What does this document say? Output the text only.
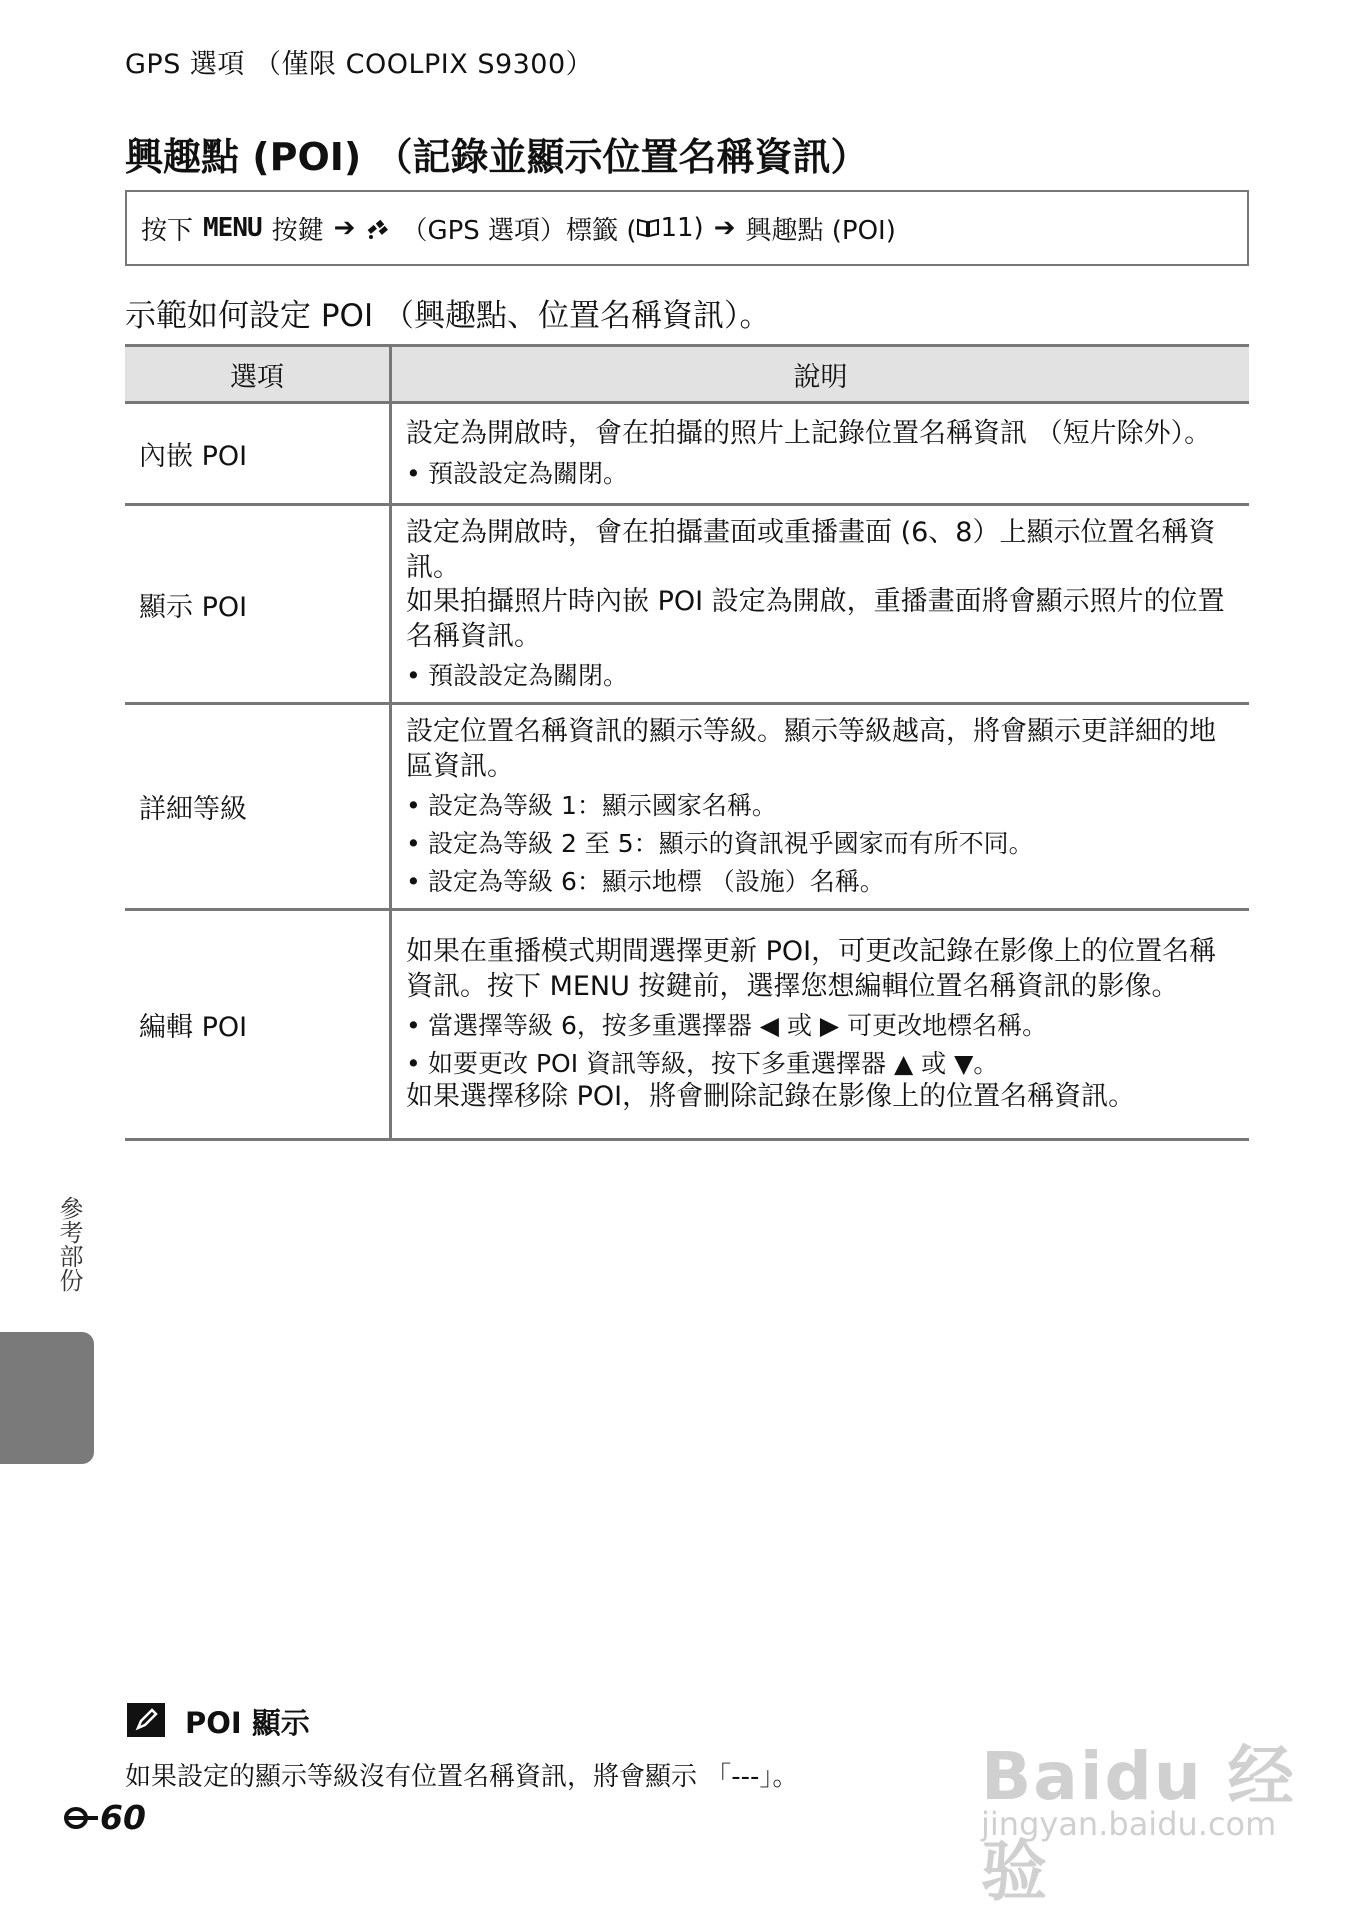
GPS 選項 （僅限 COOLPIX S9300）
興趣點 (POI) （記錄並顯示位置名稱資訊）
按下 MENU 按鍵 ➔ （GPS 選項）標籤 ( 11) ➔ 興趣點 (POI)
示範如何設定 POI （興趣點、位置名稱資訊）。
選項	說明
內嵌 POI	設定為開啟時，會在拍攝的照片上記錄位置名稱資訊 （短片除外）。
• 預設設定為關閉。

顯示 POI	設定為開啟時，會在拍攝畫面或重播畫面 (6、8）上顯示位置名稱資訊。
如果拍攝照片時內嵌 POI 設定為開啟，重播畫面將會顯示照片的位置名稱資訊。
• 預設設定為關閉。

詳細等級	設定位置名稱資訊的顯示等級。顯示等級越高，將會顯示更詳細的地區資訊。
• 設定為等級 1：顯示國家名稱。
• 設定為等級 2 至 5：顯示的資訊視乎國家而有所不同。
• 設定為等級 6：顯示地標 （設施）名稱。

編輯 POI	如果在重播模式期間選擇更新 POI，可更改記錄在影像上的位置名稱資訊。按下 MENU 按鍵前，選擇您想編輯位置名稱資訊的影像。
• 當選擇等級 6，按多重選擇器 ◀ 或 ▶ 可更改地標名稱。
• 如要更改 POI 資訊等級，按下多重選擇器 ▲ 或 ▼。
如果選擇移除 POI，將會刪除記錄在影像上的位置名稱資訊。
參考部份
POI 顯示
如果設定的顯示等級沒有位置名稱資訊，將會顯示 「---」。
60
Baidu 经验
jingyan.baidu.com
